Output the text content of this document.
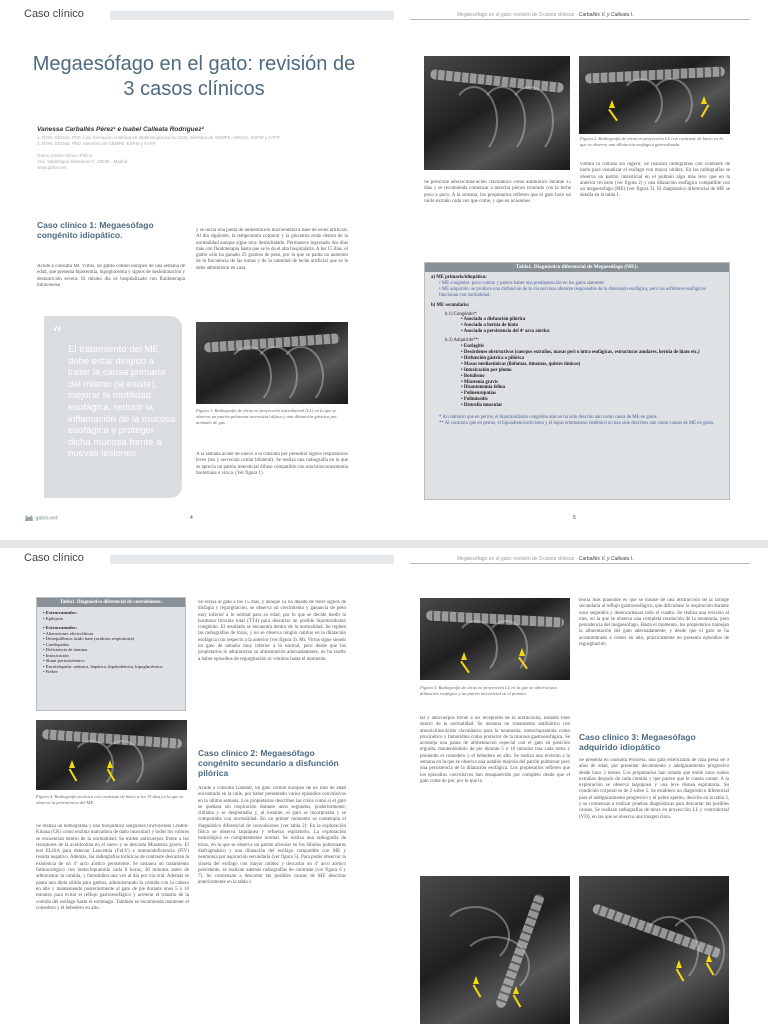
Caso clínico	Megaesófago en el gato: revisión de 3 casos clínicos · Carballés V. y Calleata I.
Megaesófago en el gato: revisión de 3 casos clínicos
Vanessa Carballés Pérez¹ e Isabel Calleata Rodríguez²
1. DVM, GEOad, PhD. Lvd. formación continua en oftalmología por la UCM, miembro de GEMFE, AMVAC, ESFM y AAFP.
2. DVM, GEOad, PhD. miembro de GEMFE, ESFM y AAFP.
Gatos Centro Clínico Felino
Avd. Valdelagua Sistemas nº, 28035 - Madrid
www.gatos.net
Caso clínico 1: Megaesófago congénito idiopático.
Acude a consulta Mr. Virtus, un gatito común europeo de una semana de edad, que presenta hipotermia, hipoglucemia y signos de deshidratación y desnutrición severa. El mismo día es hospitalizado con fluidoterapia intravenosa
“
El tratamiento del ME debe estar dirigido a tratar la causa primaria del mismo (si existe), mejorar la motilidad esofágica, reducir la inflamación de la mucosa esofágica y proteger dicha mucosa frente a nuevas lesiones
y se inicia una pauta de alimentación microenteral a base de leche artificial. Al día siguiente, la temperatura corporal y la glucemia están dentro de la normalidad aunque sigue muy deshidratado. Permanece ingresado dos días más con fluidoterapia hasta que se le da el alta hospitalaria. A los 15 días, el gatito sólo ha ganado 25 gramos de peso, por lo que se pauta un aumento de la frecuencia de las tomas y de la cantidad de leche artificial que se le debe administrar en casa.
Figura 1. Radiografía de tórax en proyección laterolateral (LL) en la que se observa un patrón pulmonar intersticial difuso y una dilatación gástrica por acúmulo de gas.
A la semana acude de nuevo a la consulta por presentar signos respiratorios leves (tos y secreción ocular bilateral). Se realiza una radiografía en la que se aprecia un patrón intersticial difuso compatible con una bronconeumonía bacteriana o vírica. (Ver figura 1)
gatos.net	4
Figura 2. Radiografía de tórax en proyección LL con contraste de bario en la que se observa una dilatación esofágica generalizada.
Se prescribe amoxicilina-ácido clavulánico como antibiótico durante 15 días y se recomienda comenzar a mezclar pienso triturado con la leche poco a poco. A la semana, los propietarios refieren que el gato hace un ruido extraño cada vez que come, y que en ocasiones
vomita la comida sin digerir. Se realizan radiografías con contraste de bario para visualizar el esófago con mayor nitidez. En las radiografías se observa un patrón intersticial en el pulmón algo más leve que en la anterior revisión (ver figura 2) y una dilatación esofágica compatible con un megaesófago (ME) (ver figura 3). El diagnóstico diferencial de ME se detalla en la tabla 1.
Tabla1. Diagnóstico diferencial de Megaesófago (ME):
a) ME primario/idiopático:
• ME congénito: poco común y parece haber una predisposición en los gatos siameses
• ME adquirido: se produce una disfunción de la vía nerviosa aferente responsable de la distensión esofágica, pero los esfínteres esofágicos funcionan con normalidad.
b) ME secundario:
b.1) Congénito*:
• Asociado a disfunción pilórica
• Asociado a hernia de hiato
• Asociado a persistencia del 4º arco aórtico
b.2) Adquirido**:
• Esofagitis
• Desórdenes obstructivos (cuerpos extraños, masas peri o intra esofágicas, estructuras anulares, hernia de hiato etc.)
• Disfunción gástrica o pilórica
• Masas mediastínicas (linfomas, timomas, quistes tímicos)
• Intoxicación por plomo
• Botulismo
• Miastenia gravis
• Disautonomía felina
• Polineuropatías
• Polimiositis
• Distrofia muscular
* Al contrario que en perros, el hipotiroidismo congénito aún no ha sido descrito aún como causa de ME en gatos.
** Al contrario que en perros, el hipoadrenocorticismo y el lupus eritematoso sistémico no han sido descritos aún como causas de ME en gatos.
5
Caso clínico	Megaesófago en el gato: revisión de 3 casos clínicos · Carballés V. y Calleata I.
Tabla1. Diagnóstico diferencial de convulsiones:
• Extracraneales:
• Epilepsia
• Extracraneales:
• Alteraciones electrolíticas
• Desequilibrios ácido base (acidosis respiratoria)
• Cardiopatías
• Deficiencia de tiamina
• Intoxicación
• Shunt portosistémico
• Encefalopatía: urémica, hepática, hipokalémica, hipoglucémica.
• Fiebre
Figura 4. Radiografía torácica con contraste de bario a los 15 días en la que se observa la persistencia del ME.
Se realiza un hemograma y una bioquímica sanguínea (incluyendo Creatin-Kinasa (CK) como enzima marcadora de daño muscular) y todos los valores se encuentran dentro de la normalidad. Se miden anticuerpos frente a los receptores de la acetilcolina en el suero y se descarta Miastenia gravis. El test ELISA para detectar Leucemia (FeLV) e inmunodeficiencia (FIV) resulta negativo. Además, las radiografías torácicas de contraste descartan la existencia de un 4º arco aórtico persistente. Se instaura un tratamiento farmacológico con metoclopramida cada 8 horas, 30 minutos antes de administrar la comida, y famotidina una vez al día por vía oral. Además se pauta una dieta sólida para gatitos, administrando la comida con la cabeza en alto y manteniendo posteriormente al gato de pie durante unos 5 o 10 minutos para evitar el reflujo gastroesofágico y acelerar el tránsito de la comida del esófago hasta el estómago. También se recomienda mantener el comedero y el bebedero en alto.
Se revisa al gato a los 15 días, y aunque ya ha dejado de tener signos de disfagia y regurgitación, se observa un crecimiento y ganancia de peso muy inferior a lo normal para su edad, por lo que se decide medir la hormona tiroxina total (TT4) para descartar un posible hipotiroidismo congénito. El resultado se encuentra dentro de la normalidad. Se repiten las radiografías de tórax, y no se observa ningún cambio en la dilatación esofágica con respecto a la anterior (ver figura 4). Mr. Virtus sigue siendo un gato de tamaño muy inferior a lo normal, pero desde que los propietarios le administran su alimentación adecuadamente, no ha vuelto a haber episodios de regurgitación ni vómitos hasta el momento.
Caso clínico 2: Megaesófago congénito secundario a disfunción pilórica
Acude a consulta Gandalf, un gato común europeo de un mes de edad encontrado en la calle, por haber presentado varios episodios convulsivos en la última semana. Los propietarios describen las crisis como si el gato se quedara sin respiración durante unos segundos, posteriormente, chillaba y se desplomaba y, al instante, el gato se incorporaba y se comportaba con normalidad. En un primer momento se contempla el diagnóstico diferencial de convulsiones (ver tabla 2): En la exploración física se observa taquipnea y refuerzo espiratorio. La exploración neurológica es completamente normal. Se realiza una radiografía de tórax, en la que se observa un patrón alveolar en los lóbulos pulmonares diafragmático y una dilatación del esófago compatible con ME y neumonía por aspiración secundaria (ver figura 5). Para poder observar la silueta del esófago con mayor nitidez y descartar un 4º arco aórtico persistente, se realizan además radiografías de contraste (ver figura 6 y 7). Se comienzan a descartar las posibles causas de ME descritas anteriormente en la tabla 1.
Figura 5. Radiografía de tórax en proyección LL en la que se observa una dilatación esofágica y un patrón intersticial en el pulmón.
tal y anticuerpos frente a los receptores de la acetilcolina, estando todo dentro de la normalidad. Se instaura un tratamiento antibiótico con amoxicilina-ácido clavulánico para la neumonía, metoclopramida como procinético y famotidina como protector de la mucosa gastroesofágica. Se aconseja una pauta de alimentación especial con el gato en posición erguida, manteniéndolo de pie durante 5 o 10 minutos tras cada toma y poniendo el comedero y el bebedero en alto. Se realiza una revisión a la semana en la que se observa una notable mejoría del patrón pulmonar pero una persistencia de la dilatación esofágica. Los propietarios refieren que los episodios convulsivos han desaparecido por completo desde que el gato come de pie; por lo que la
teoría más plausible es que se tratase de una obstrucción de la faringe secundaria al reflujo gastroesofágico, que dificultase la respiración durante unos segundos y desencadenara todo el cuadro. Se realiza una revisión al mes, en la que se observa una completa resolución de la neumonía, pero persistencia del megaesófago. Hasta el momento, los propietarios manejan la alimentación del gato adecuadamente, y desde que el gato se ha acostumbrado a comer en alto, prácticamente no presenta episodios de regurgitación.
Caso clínico 3: Megaesófago adquirido idiopático
Se presenta en consulta Princesa, una gata esterilizada de raza persa de 9 años de edad, por presentar decaimiento y adelgazamiento progresivo desde hace 3 meses. Los propietarios han notado que emite unos ruidos extraños después de cada comida y que parece que le cuesta comer. A la exploración se observa taquipnea y una leve disnea espiratoria. Su condición corporal es de 2 sobre 5. Se establece un diagnóstico diferencial para el adelgazamiento progresivo y el pobre apetito, descrito en la tabla 3, y se comienzan a realizar pruebas diagnósticas para descartar las posibles causas. Se realizan radiografías de tórax en proyección LL y ventrodorsal (VD), en las que se observa una imagen clara
